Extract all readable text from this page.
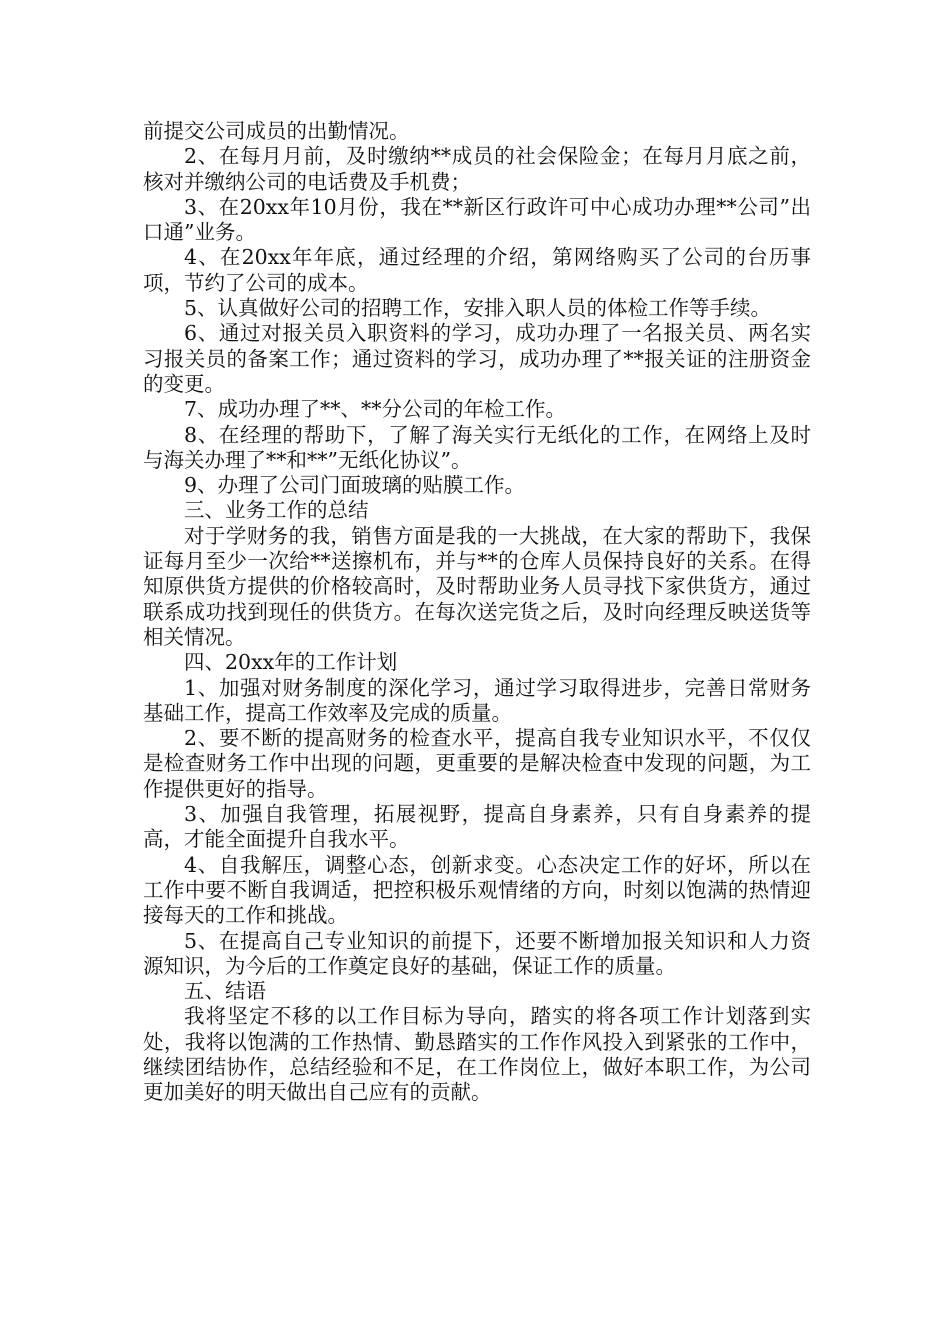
前提交公司成员的出勤情况。

2、在每月月前，及时缴纳**成员的社会保险金；在每月月底之前，核对并缴纳公司的电话费及手机费；

3、在20xx年10月份，我在**新区行政许可中心成功办理**公司”出口通”业务。

4、在20xx年年底，通过经理的介绍，第网络购买了公司的台历事项，节约了公司的成本。

5、认真做好公司的招聘工作，安排入职人员的体检工作等手续。

6、通过对报关员入职资料的学习，成功办理了一名报关员、两名实习报关员的备案工作；通过资料的学习，成功办理了**报关证的注册资金的变更。

7、成功办理了**、**分公司的年检工作。

8、在经理的帮助下，了解了海关实行无纸化的工作，在网络上及时与海关办理了**和**”无纸化协议”。

9、办理了公司门面玻璃的贴膜工作。

三、业务工作的总结

对于学财务的我，销售方面是我的一大挑战，在大家的帮助下，我保证每月至少一次给**送擦机布，并与**的仓库人员保持良好的关系。在得知原供货方提供的价格较高时，及时帮助业务人员寻找下家供货方，通过联系成功找到现任的供货方。在每次送完货之后，及时向经理反映送货等相关情况。

四、20xx年的工作计划

1、加强对财务制度的深化学习，通过学习取得进步，完善日常财务基础工作，提高工作效率及完成的质量。

2、要不断的提高财务的检查水平，提高自我专业知识水平，不仅仅是检查财务工作中出现的问题，更重要的是解决检查中发现的问题，为工作提供更好的指导。

3、加强自我管理，拓展视野，提高自身素养，只有自身素养的提高，才能全面提升自我水平。

4、自我解压，调整心态，创新求变。心态决定工作的好坏，所以在工作中要不断自我调适，把控积极乐观情绪的方向，时刻以饱满的热情迎接每天的工作和挑战。

5、在提高自己专业知识的前提下，还要不断增加报关知识和人力资源知识，为今后的工作奠定良好的基础，保证工作的质量。

五、结语

我将坚定不移的以工作目标为导向，踏实的将各项工作计划落到实处，我将以饱满的工作热情、勤恳踏实的工作作风投入到紧张的工作中，继续团结协作，总结经验和不足，在工作岗位上，做好本职工作，为公司更加美好的明天做出自己应有的贡献。
